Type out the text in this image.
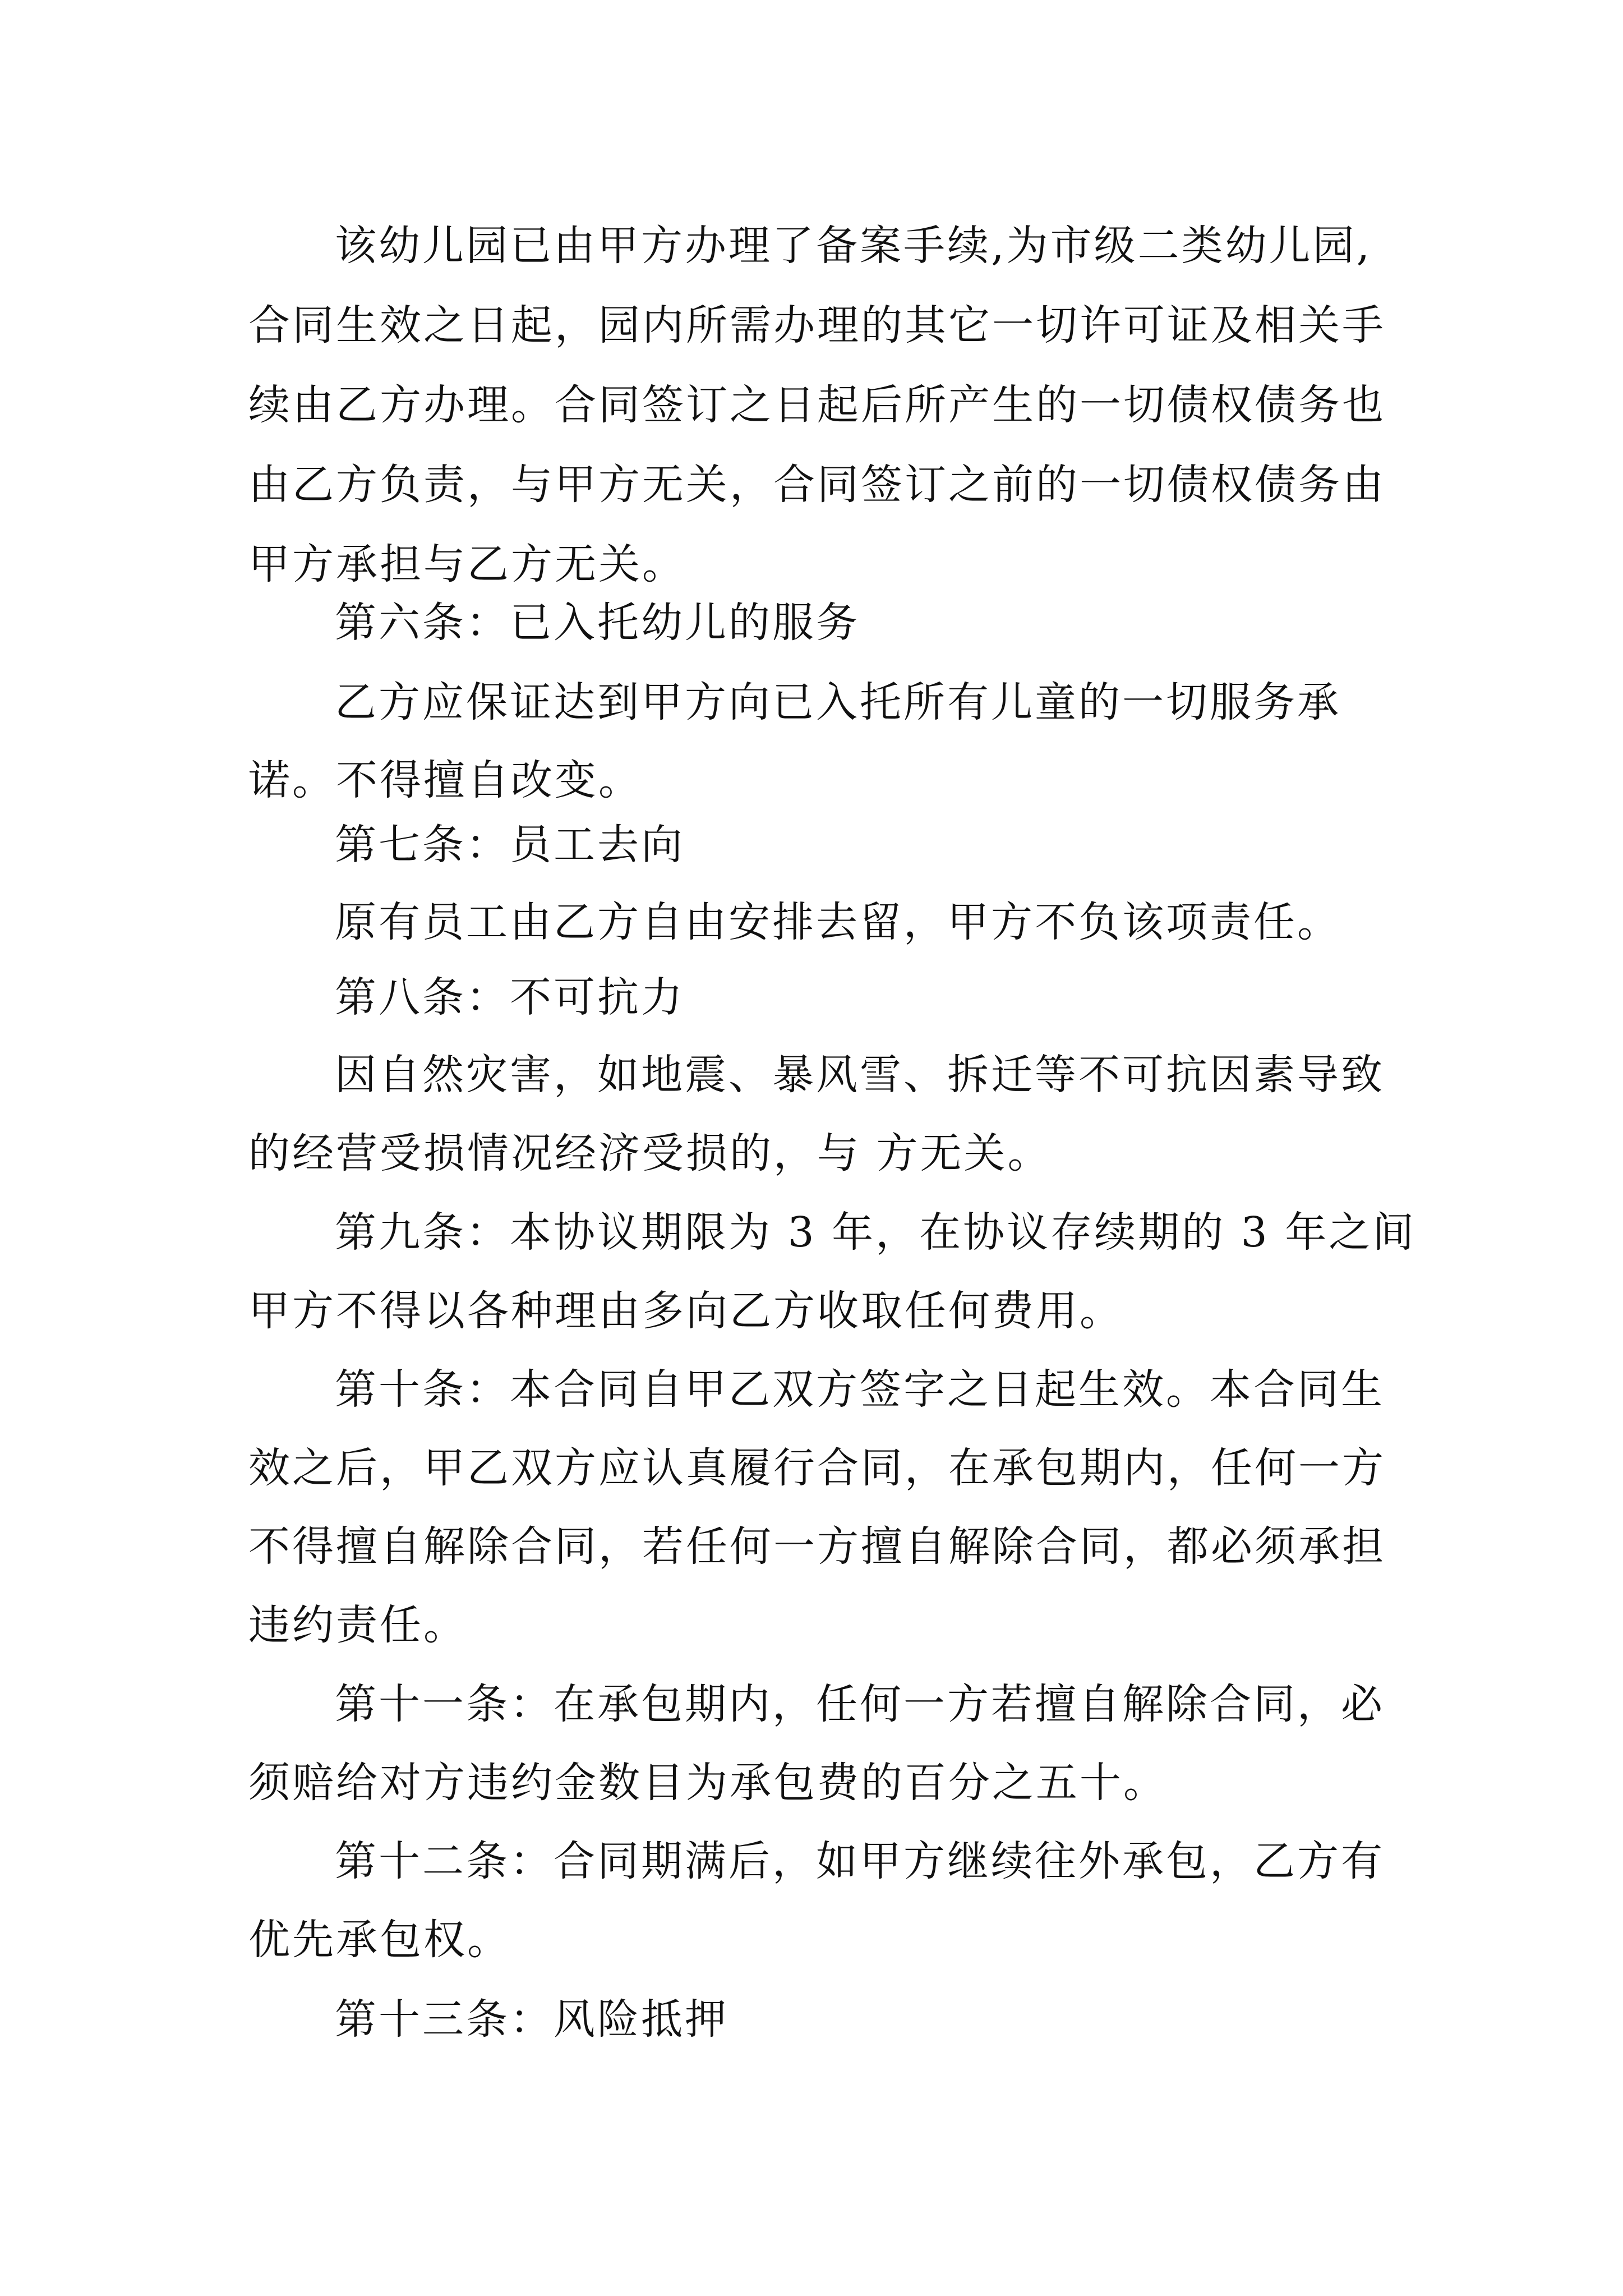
该幼儿园已由甲方办理了备案手续,为市级二类幼儿园,

合同生效之日起，园内所需办理的其它一切许可证及相关手

续由乙方办理。合同签订之日起后所产生的一切债权债务也

由乙方负责，与甲方无关，合同签订之前的一切债权债务由

甲方承担与乙方无关。

第六条：已入托幼儿的服务

乙方应保证达到甲方向已入托所有儿童的一切服务承

诺。不得擅自改变。

第七条：员工去向

原有员工由乙方自由安排去留，甲方不负该项责任。

第八条：不可抗力

因自然灾害，如地震、暴风雪、拆迁等不可抗因素导致

的经营受损情况经济受损的，与 方无关。

第九条：本协议期限为 3 年，在协议存续期的 3 年之间

甲方不得以各种理由多向乙方收取任何费用。

第十条：本合同自甲乙双方签字之日起生效。本合同生

效之后，甲乙双方应认真履行合同，在承包期内，任何一方

不得擅自解除合同，若任何一方擅自解除合同，都必须承担

违约责任。

第十一条：在承包期内，任何一方若擅自解除合同，必

须赔给对方违约金数目为承包费的百分之五十。

第十二条：合同期满后，如甲方继续往外承包，乙方有

优先承包权。

第十三条：风险抵押
